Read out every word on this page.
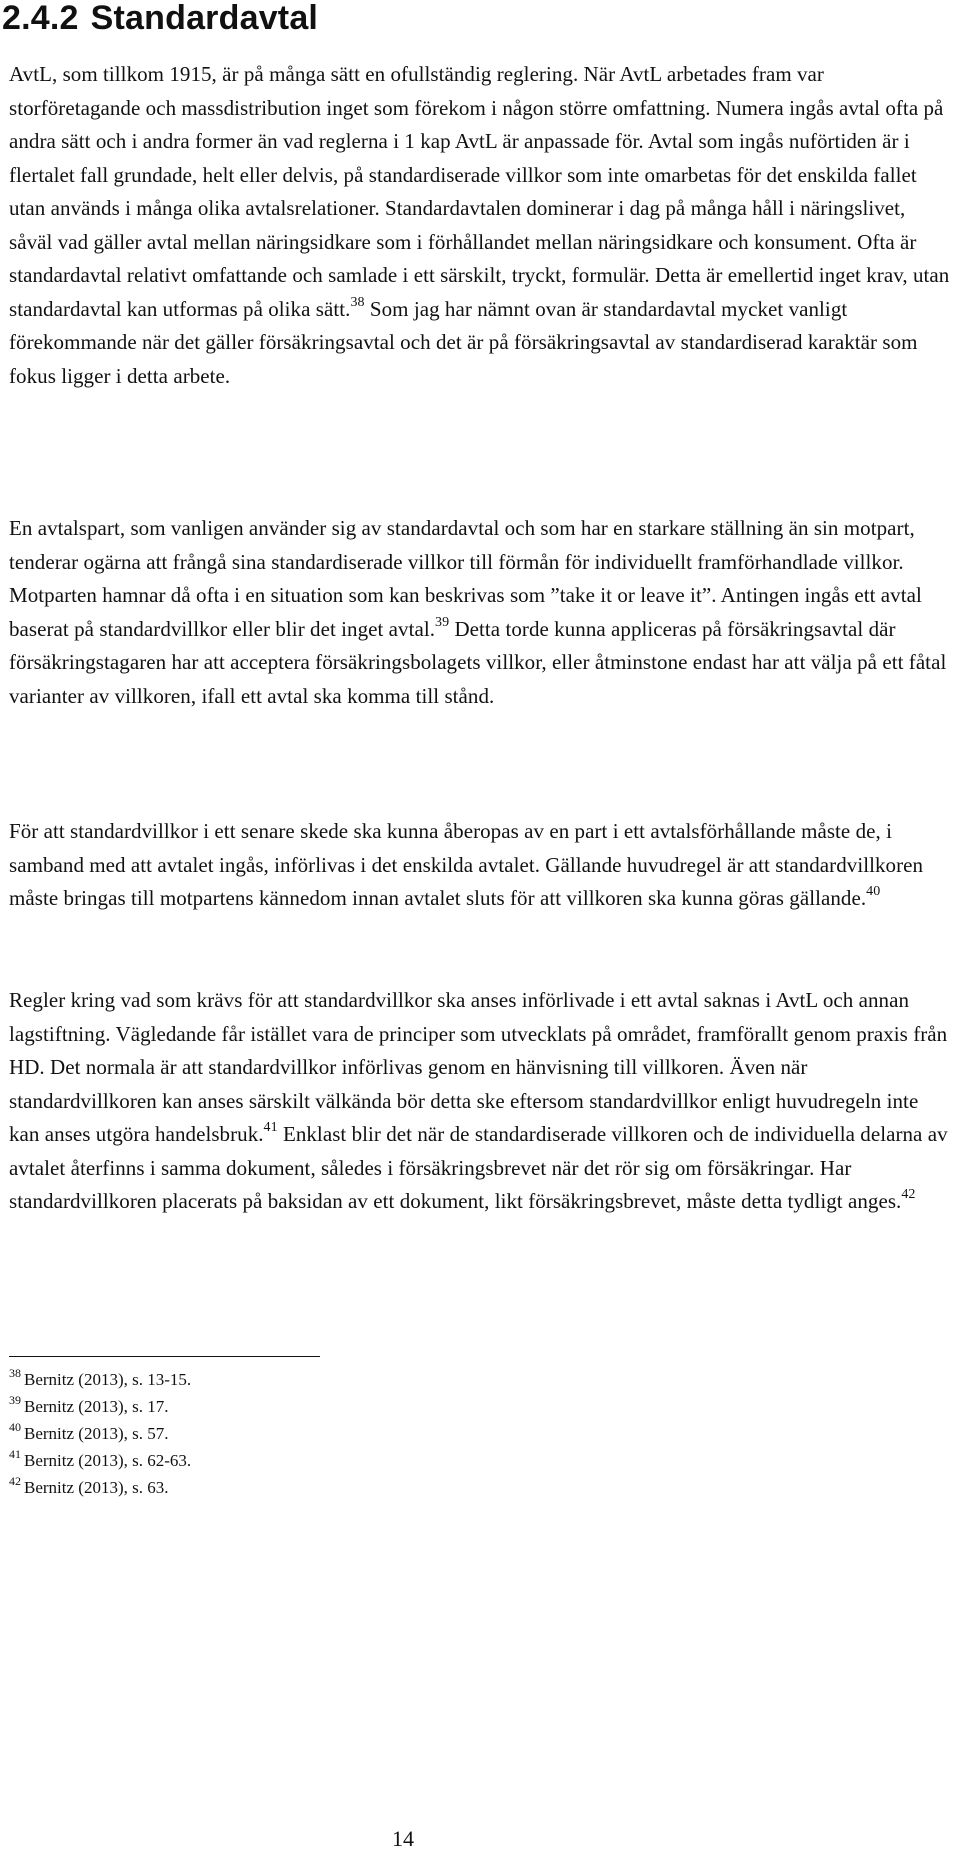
2.4.2 Standardavtal

AvtL, som tillkom 1915, är på många sätt en ofullständig reglering. När AvtL arbetades fram var storföretagande och massdistribution inget som förekom i någon större omfattning. Numera ingås avtal ofta på andra sätt och i andra former än vad reglerna i 1 kap AvtL är anpassade för. Avtal som ingås nuförtiden är i flertalet fall grundade, helt eller delvis, på standardiserade villkor som inte omarbetas för det enskilda fallet utan används i många olika avtalsrelationer. Standardavtalen dominerar i dag på många håll i näringslivet, såväl vad gäller avtal mellan näringsidkare som i förhållandet mellan näringsidkare och konsument. Ofta är standardavtal relativt omfattande och samlade i ett särskilt, tryckt, formulär. Detta är emellertid inget krav, utan standardavtal kan utformas på olika sätt.$^{38}$ Som jag har nämnt ovan är standardavtal mycket vanligt förekommande när det gäller försäkringsavtal och det är på försäkringsavtal av standardiserad karaktär som fokus ligger i detta arbete.

En avtalspart, som vanligen använder sig av standardavtal och som har en starkare ställning än sin motpart, tenderar ogärna att frångå sina standardiserade villkor till förmån för individuellt framförhandlade villkor. Motparten hamnar då ofta i en situation som kan beskrivas som ”take it or leave it”. Antingen ingås ett avtal baserat på standardvillkor eller blir det inget avtal.$^{39}$ Detta torde kunna appliceras på försäkringsavtal där försäkringstagaren har att acceptera försäkringsbolagets villkor, eller åtminstone endast har att välja på ett fåtal varianter av villkoren, ifall ett avtal ska komma till stånd.

För att standardvillkor i ett senare skede ska kunna åberopas av en part i ett avtalsförhållande måste de, i samband med att avtalet ingås, införlivas i det enskilda avtalet. Gällande huvudregel är att standardvillkoren måste bringas till motpartens kännedom innan avtalet sluts för att villkoren ska kunna göras gällande.$^{40}$

Regler kring vad som krävs för att standardvillkor ska anses införlivade i ett avtal saknas i AvtL och annan lagstiftning. Vägledande får istället vara de principer som utvecklats på området, framförallt genom praxis från HD. Det normala är att standardvillkor införlivas genom en hänvisning till villkoren. Även när standardvillkoren kan anses särskilt välkända bör detta ske eftersom standardvillkor enligt huvudregeln inte kan anses utgöra handelsbruk.$^{41}$ Enklast blir det när de standardiserade villkoren och de individuella delarna av avtalet återfinns i samma dokument, således i försäkringsbrevet när det rör sig om försäkringar. Har standardvillkoren placerats på baksidan av ett dokument, likt försäkringsbrevet, måste detta tydligt anges.$^{42}$

$^{38}$ Bernitz (2013), s. 13-15.
$^{39}$ Bernitz (2013), s. 17.
$^{40}$ Bernitz (2013), s. 57.
$^{41}$ Bernitz (2013), s. 62-63.
$^{42}$ Bernitz (2013), s. 63.
14
